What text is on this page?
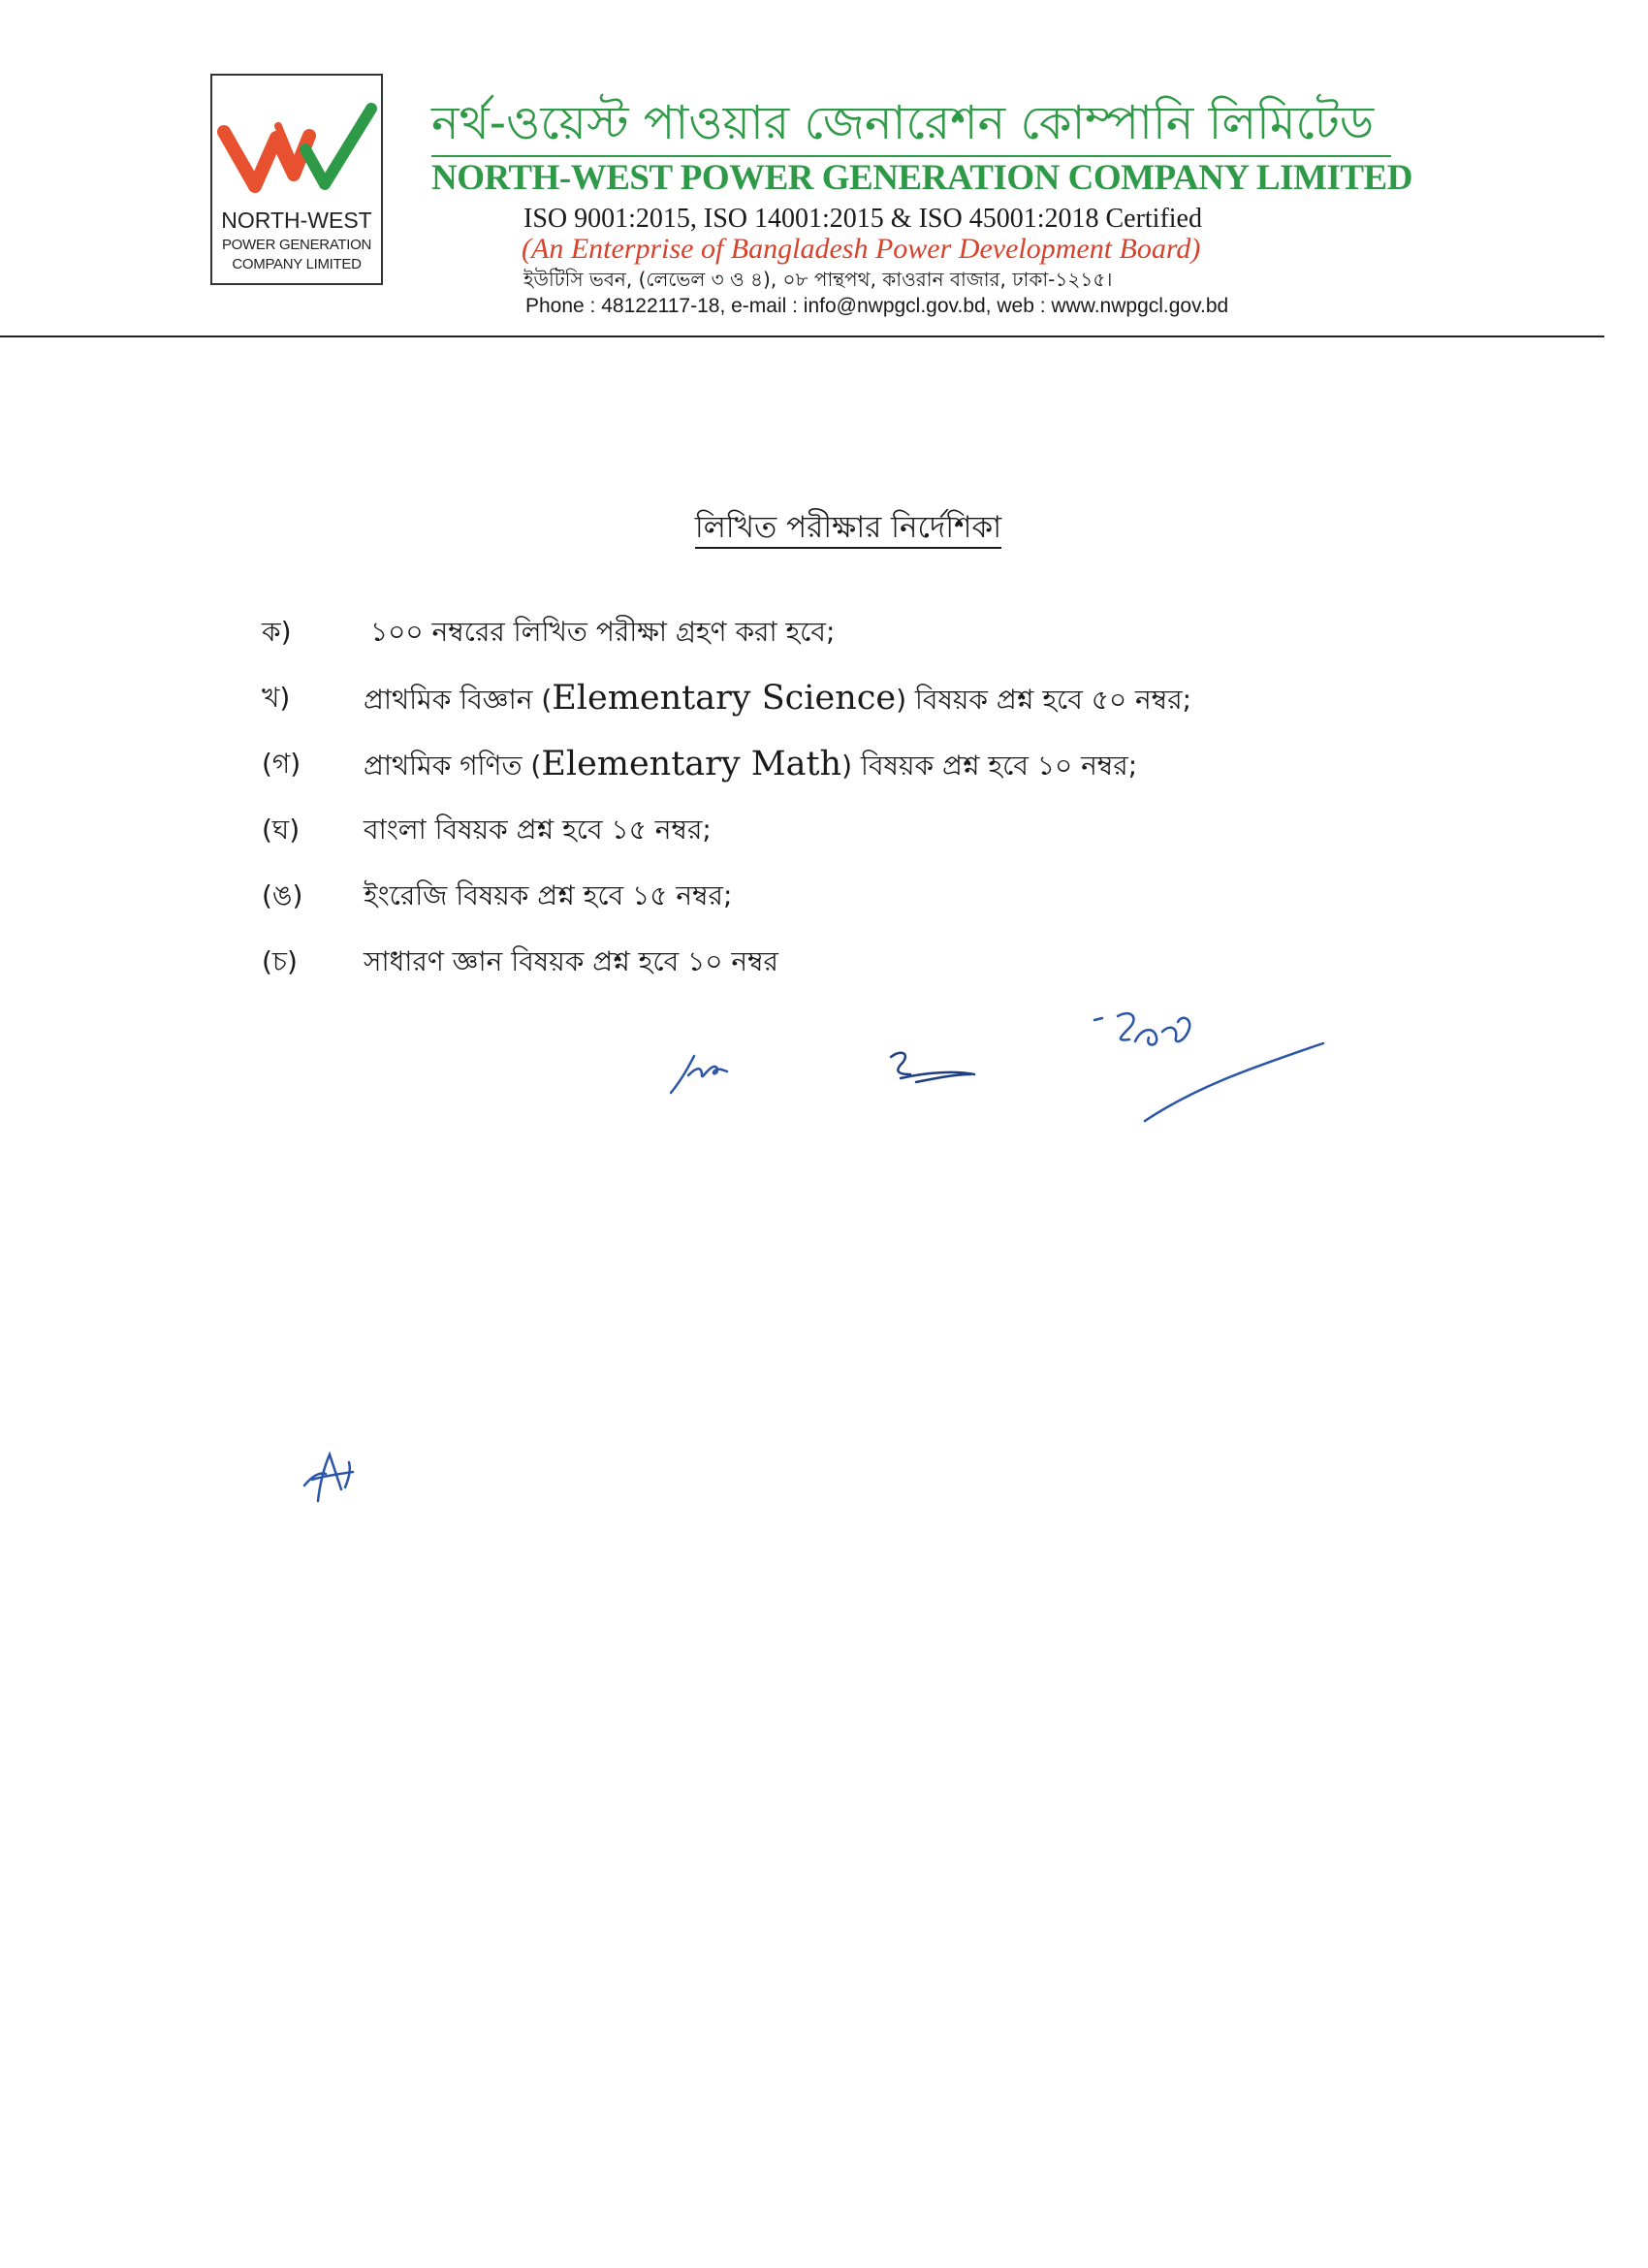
NORTH-WEST
POWER GENERATION
COMPANY LIMITED
নর্থ-ওয়েস্ট পাওয়ার জেনারেশন কোম্পানি লিমিটেড
NORTH-WEST POWER GENERATION COMPANY LIMITED
ISO 9001:2015, ISO 14001:2015 & ISO 45001:2018 Certified
(An Enterprise of Bangladesh Power Development Board)
ইউটিসি ভবন, (লেভেল ৩ ও ৪), ০৮ পান্থপথ, কাওরান বাজার, ঢাকা-১২১৫।
Phone : 48122117-18, e-mail : info@nwpgcl.gov.bd, web : www.nwpgcl.gov.bd
লিখিত পরীক্ষার নির্দেশিকা
ক)	১০০ নম্বরের লিখিত পরীক্ষা গ্রহণ করা হবে;
খ)	প্রাথমিক বিজ্ঞান (Elementary Science) বিষয়ক প্রশ্ন হবে ৫০ নম্বর;
(গ) প্রাথমিক গণিত (Elementary Math) বিষয়ক প্রশ্ন হবে ১০ নম্বর;
(ঘ) বাংলা বিষয়ক প্রশ্ন হবে ১৫ নম্বর;
(ঙ) ইংরেজি বিষয়ক প্রশ্ন হবে ১৫ নম্বর;
(চ) সাধারণ জ্ঞান বিষয়ক প্রশ্ন হবে ১০ নম্বর
